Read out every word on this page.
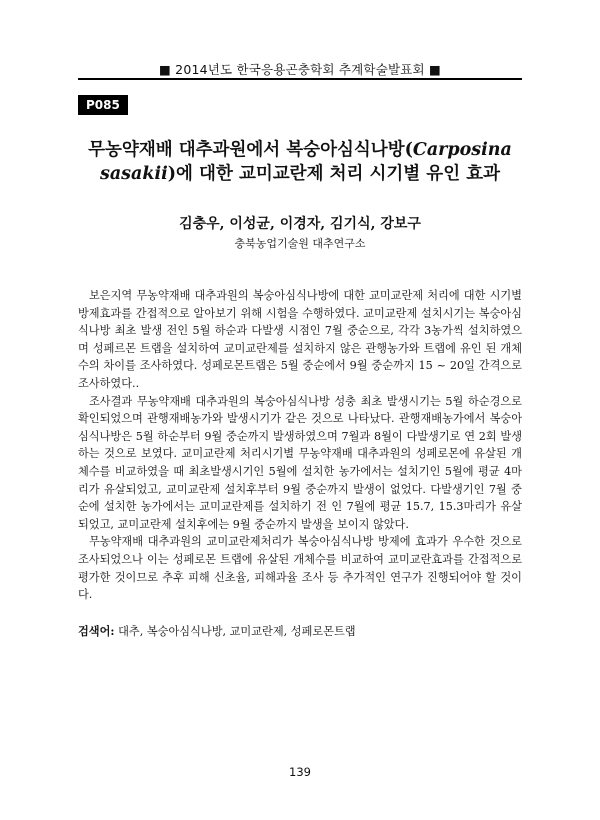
■ 2014년도 한국응용곤충학회 추계학술발표회 ■
P085
무농약재배 대추과원에서 복숭아심식나방(Carposina sasakii)에 대한 교미교란제 처리 시기별 유인 효과
김충우, 이성균, 이경자, 김기식, 강보구
충북농업기술원 대추연구소

보은지역 무농약재배 대추과원의 복숭아심식나방에 대한 교미교란제 처리에 대한 시기별 방제효과를 간접적으로 알아보기 위해 시험을 수행하였다. 교미교란제 설치시기는 복숭아심식나방 최초 발생 전인 5월 하순과 다발생 시점인 7월 중순으로, 각각 3농가씩 설치하였으며 성페르몬 트랩을 설치하여 교미교란제를 설치하지 않은 관행농가와 트랩에 유인 된 개체수의 차이를 조사하였다. 성페로몬트랩은 5월 중순에서 9월 중순까지 15 ~ 20일 간격으로 조사하였다..

조사결과 무농약재배 대추과원의 복숭아심식나방 성충 최초 발생시기는 5월 하순경으로 확인되었으며 관행재배농가와 발생시기가 같은 것으로 나타났다. 관행재배농가에서 복숭아심식나방은 5월 하순부터 9월 중순까지 발생하였으며 7월과 8월이 다발생기로 연 2회 발생하는 것으로 보였다. 교미교란제 처리시기별 무농약재배 대추과원의 성페로몬에 유살된 개체수를 비교하였을 때 최초발생시기인 5월에 설치한 농가에서는 설치기인 5월에 평균 4마리가 유살되었고, 교미교란제 설치후부터 9월 중순까지 발생이 없었다. 다발생기인 7월 중순에 설치한 농가에서는 교미교란제를 설치하기 전 인 7월에 평균 15.7, 15.3마리가 유살되었고, 교미교란제 설치후에는 9월 중순까지 발생을 보이지 않았다.

무농약재배 대추과원의 교미교란제처리가 복숭아심식나방 방제에 효과가 우수한 것으로 조사되었으나 이는 성페로몬 트랩에 유살된 개체수를 비교하여 교미교란효과를 간접적으로 평가한 것이므로 추후 피해 신초율, 피해과율 조사 등 추가적인 연구가 진행되어야 할 것이다.

검색어: 대추, 복숭아심식나방, 교미교란제, 성페로몬트랩
139
